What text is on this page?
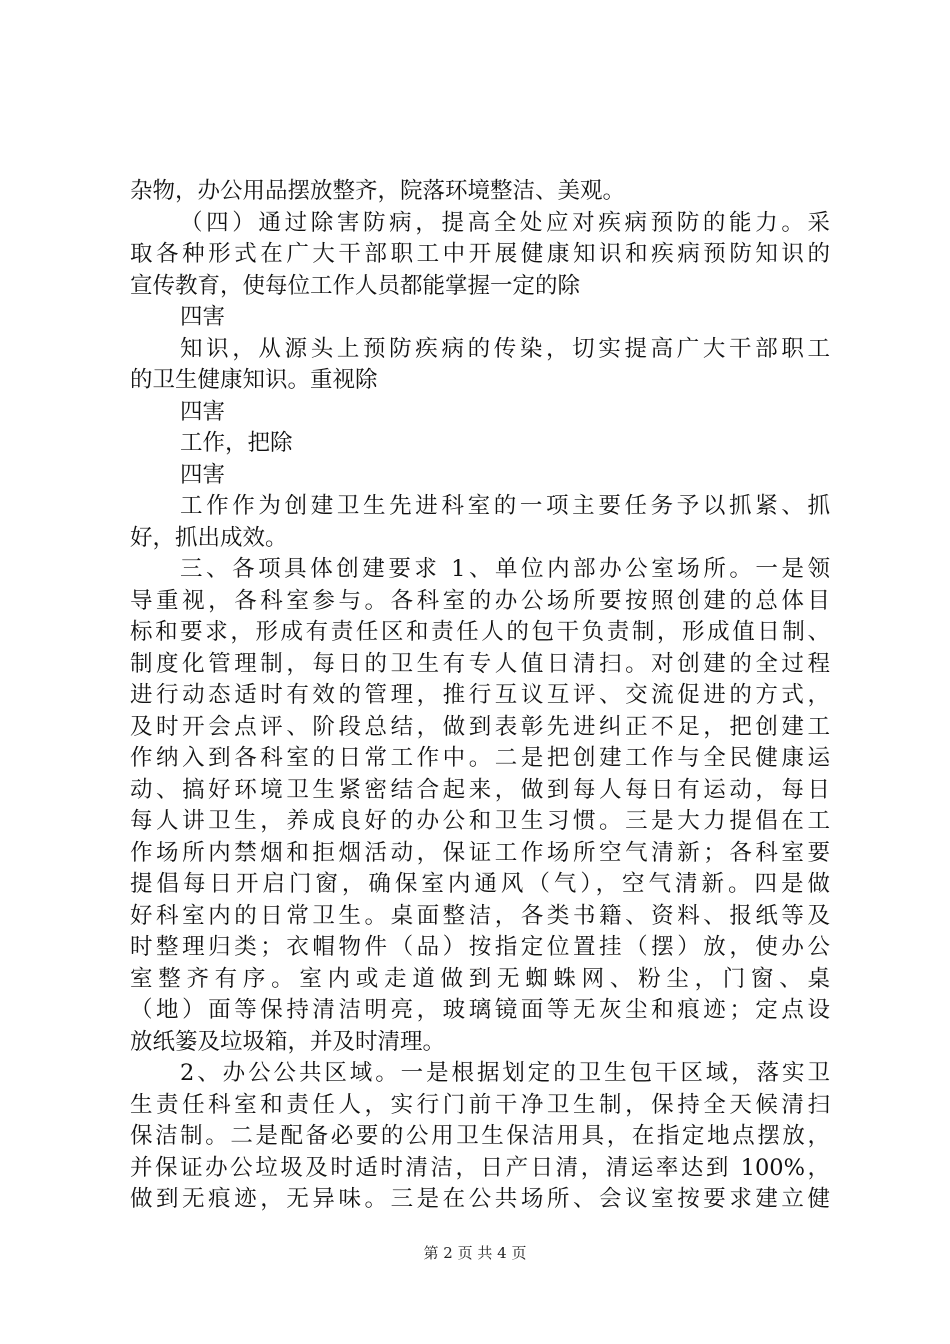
杂物，办公用品摆放整齐，院落环境整洁、美观。
（四）通过除害防病，提高全处应对疾病预防的能力。采
取各种形式在广大干部职工中开展健康知识和疾病预防知识的
宣传教育，使每位工作人员都能掌握一定的除
四害
知识，从源头上预防疾病的传染，切实提高广大干部职工
的卫生健康知识。重视除
四害
工作，把除
四害
工作作为创建卫生先进科室的一项主要任务予以抓紧、抓
好，抓出成效。
三、各项具体创建要求 1、单位内部办公室场所。一是领
导重视，各科室参与。各科室的办公场所要按照创建的总体目
标和要求，形成有责任区和责任人的包干负责制，形成值日制、
制度化管理制，每日的卫生有专人值日清扫。对创建的全过程
进行动态适时有效的管理，推行互议互评、交流促进的方式，
及时开会点评、阶段总结，做到表彰先进纠正不足，把创建工
作纳入到各科室的日常工作中。二是把创建工作与全民健康运
动、搞好环境卫生紧密结合起来，做到每人每日有运动，每日
每人讲卫生，养成良好的办公和卫生习惯。三是大力提倡在工
作场所内禁烟和拒烟活动，保证工作场所空气清新；各科室要
提倡每日开启门窗，确保室内通风（气），空气清新。四是做
好科室内的日常卫生。桌面整洁，各类书籍、资料、报纸等及
时整理归类；衣帽物件（品）按指定位置挂（摆）放，使办公
室整齐有序。室内或走道做到无蜘蛛网、粉尘，门窗、桌
（地）面等保持清洁明亮，玻璃镜面等无灰尘和痕迹；定点设
放纸篓及垃圾箱，并及时清理。
2、办公公共区域。一是根据划定的卫生包干区域，落实卫
生责任科室和责任人，实行门前干净卫生制，保持全天候清扫
保洁制。二是配备必要的公用卫生保洁用具，在指定地点摆放，
并保证办公垃圾及时适时清洁，日产日清，清运率达到 100%，
做到无痕迹，无异味。三是在公共场所、会议室按要求建立健
第 2 页 共 4 页
